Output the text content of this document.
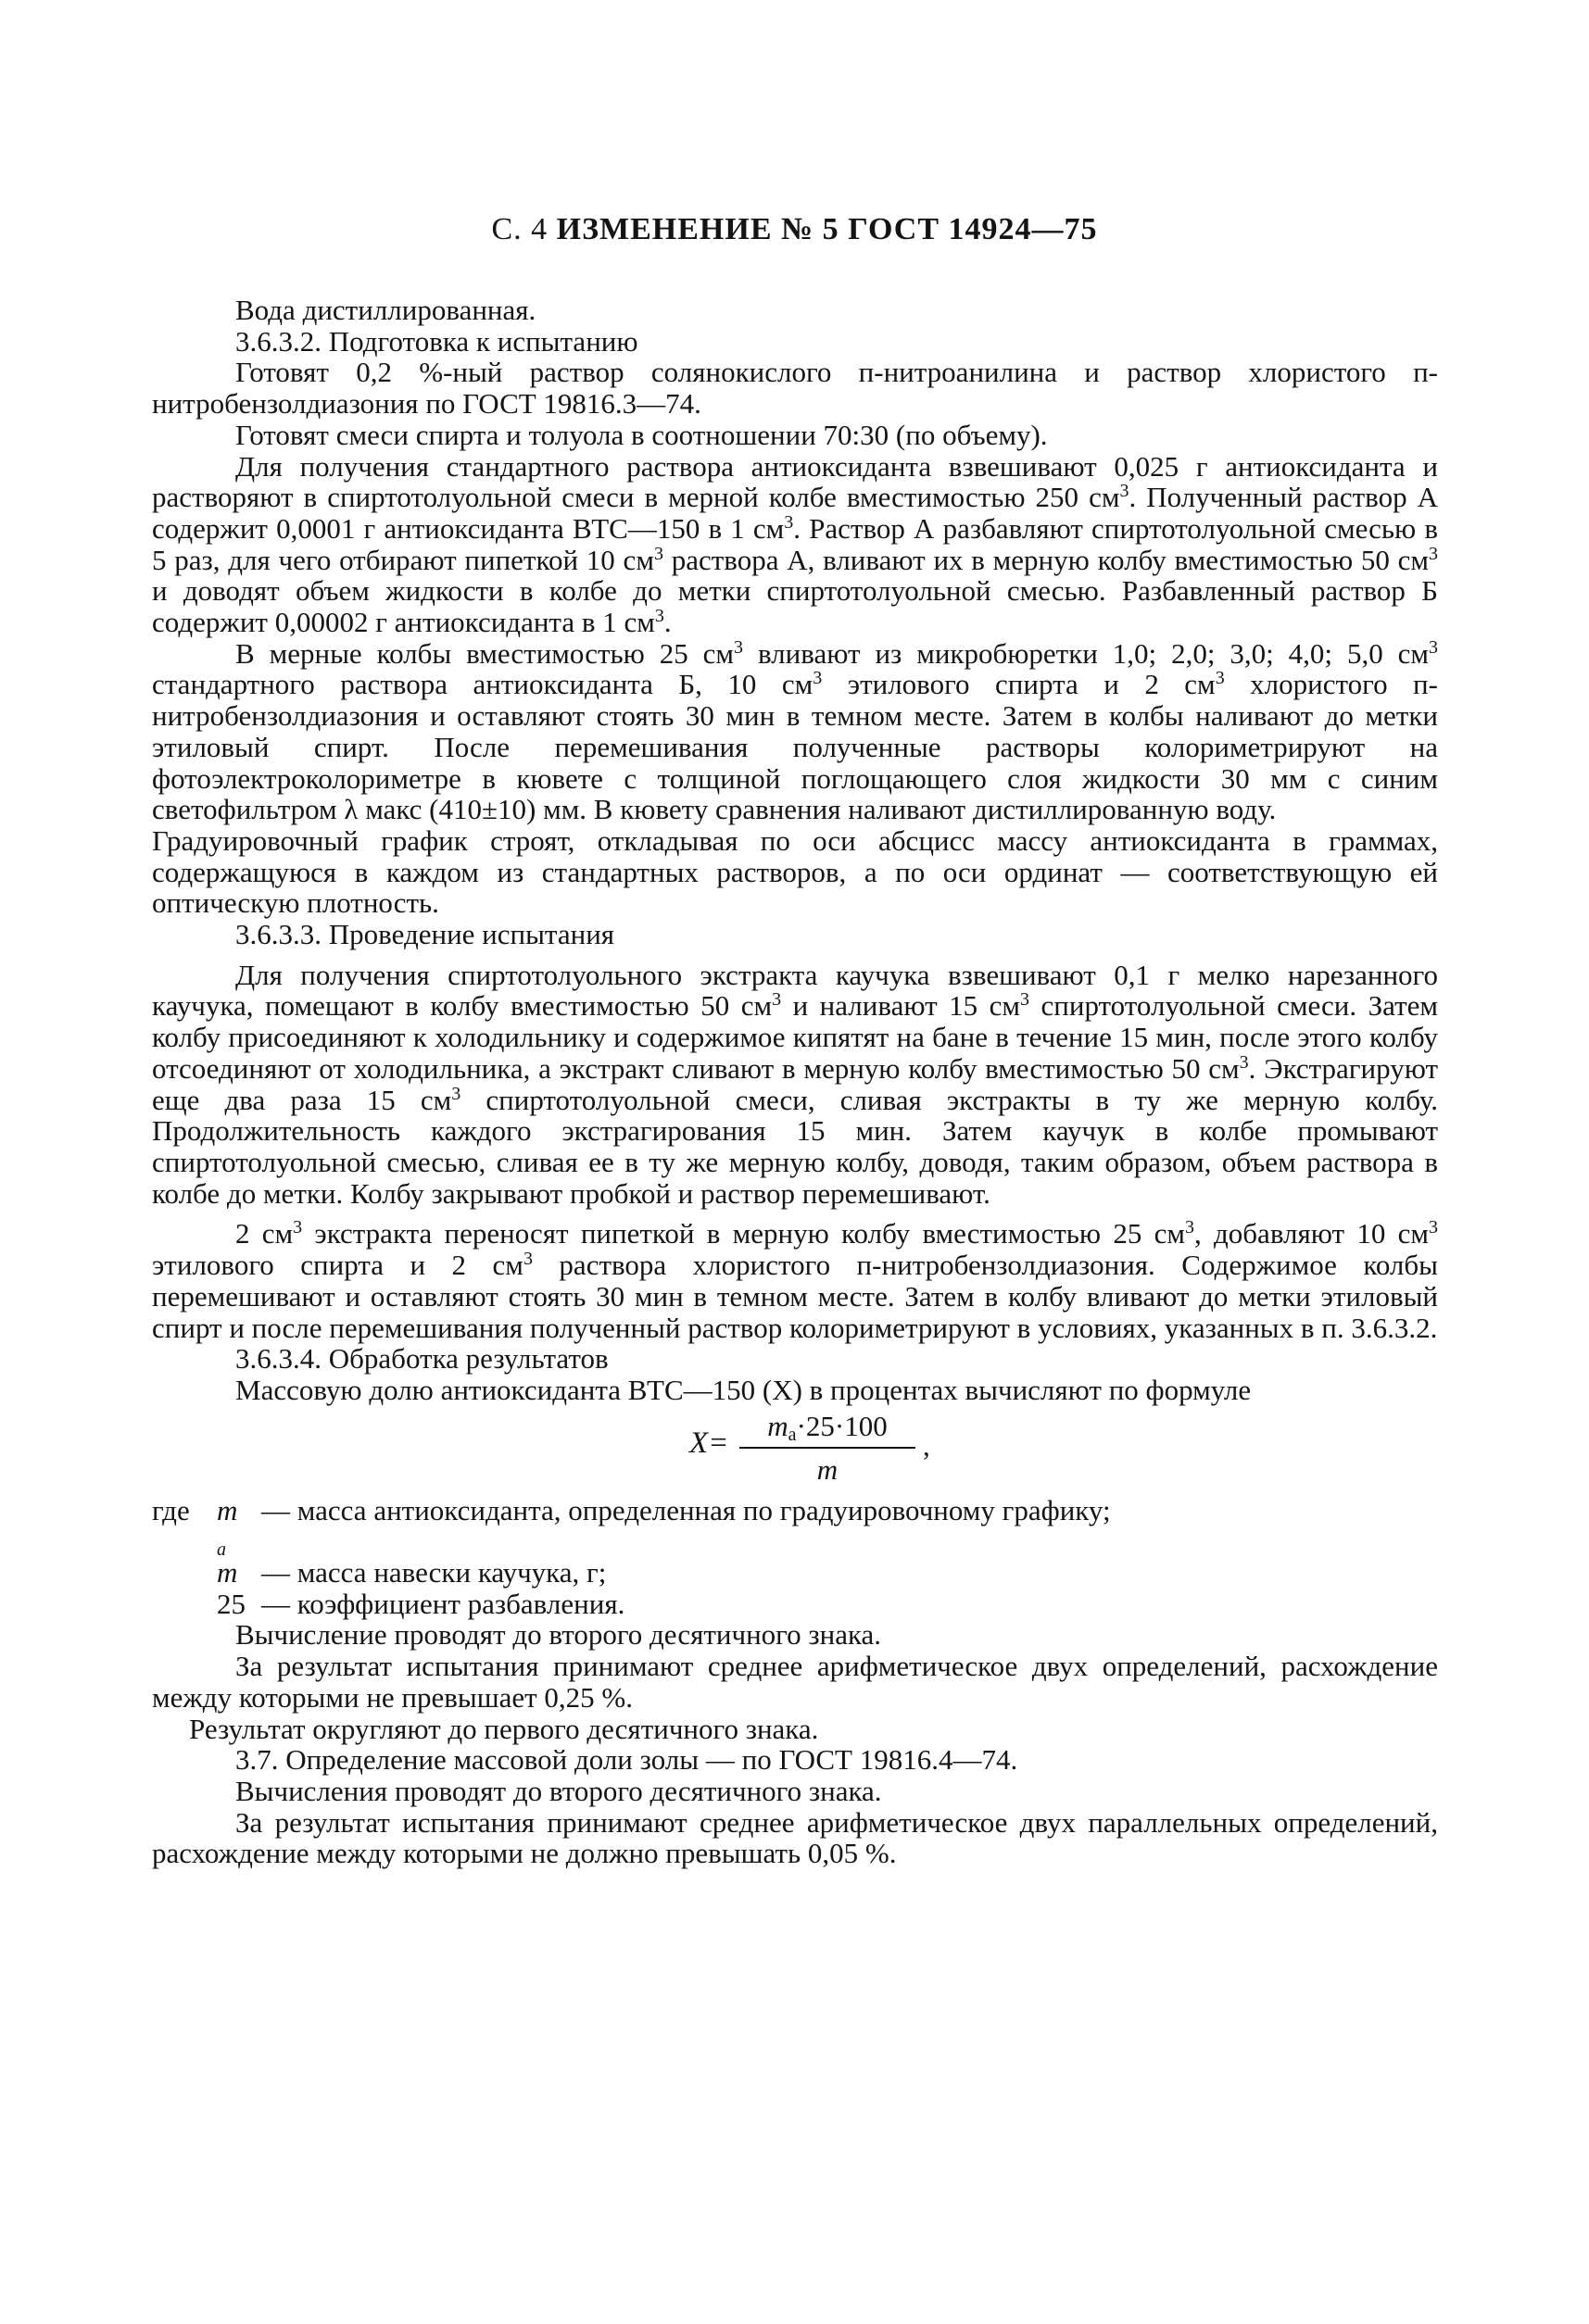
С. 4 ИЗМЕНЕНИЕ № 5 ГОСТ 14924—75

Вода дистиллированная.

3.6.3.2. Подготовка к испытанию

Готовят 0,2 %-ный раствор солянокислого п-нитроанилина и раствор хлористого п-нитробензолдиазония по ГОСТ 19816.3—74.

Готовят смеси спирта и толуола в соотношении 70:30 (по объему).

Для получения стандартного раствора антиоксиданта взвешивают 0,025 г антиоксиданта и растворяют в спиртотолуольной смеси в мерной колбе вместимостью 250 $см^3$. Полученный раствор А содержит 0,0001 г антиоксиданта ВТС—150 в 1 $см^3$. Раствор А разбавляют спиртотолуольной смесью в 5 раз, для чего отбирают пипеткой 10 $см^3$ раствора А, вливают их в мерную колбу вместимостью 50 $см^3$ и доводят объем жидкости в колбе до метки спиртотолуольной смесью. Разбавленный раствор Б содержит 0,00002 г антиоксиданта в 1 $см^3$.

В мерные колбы вместимостью 25 $см^3$ вливают из микробюретки 1,0; 2,0; 3,0; 4,0; 5,0 $см^3$ стандартного раствора антиоксиданта Б, 10 $см^3$ этилового спирта и 2 $см^3$ хлористого п-нитробензолдиазония и оставляют стоять 30 мин в темном месте. Затем в колбы наливают до метки этиловый спирт. После перемешивания полученные растворы колориметрируют на фотоэлектроколориметре в кювете с толщиной поглощающего слоя жидкости 30 мм с синим светофильтром λ макс (410±10) мм. В кювету сравнения наливают дистиллированную воду.

Градуировочный график строят, откладывая по оси абсцисс массу антиоксиданта в граммах, содержащуюся в каждом из стандартных растворов, а по оси ординат — соответствующую ей оптическую плотность.

3.6.3.3. Проведение испытания

Для получения спиртотолуольного экстракта каучука взвешивают 0,1 г мелко нарезанного каучука, помещают в колбу вместимостью 50 $см^3$ и наливают 15 $см^3$ спиртотолуольной смеси. Затем колбу присоединяют к холодильнику и содержимое кипятят на бане в течение 15 мин, после этого колбу отсоединяют от холодильника, а экстракт сливают в мерную колбу вместимостью 50 $см^3$. Экстрагируют еще два раза 15 $см^3$ спиртотолуольной смеси, сливая экстракты в ту же мерную колбу. Продолжительность каждого экстрагирования 15 мин. Затем каучук в колбе промывают спиртотолуольной смесью, сливая ее в ту же мерную колбу, доводя, таким образом, объем раствора в колбе до метки. Колбу закрывают пробкой и раствор перемешивают.

2 $см^3$ экстракта переносят пипеткой в мерную колбу вместимостью 25 $см^3$, добавляют 10 $см^3$ этилового спирта и 2 $см^3$ раствора хлористого п-нитробензолдиазония. Содержимое колбы перемешивают и оставляют стоять 30 мин в темном месте. Затем в колбу вливают до метки этиловый спирт и после перемешивания полученный раствор колориметрируют в условиях, указанных в п. 3.6.3.2.

3.6.3.4. Обработка результатов

Массовую долю антиоксиданта ВТС—150 (X) в процентах вычисляют по формуле

X=
$m_a\cdot 25\cdot 100$
m
,
где m
$_a$
— масса антиоксиданта, определенная по градуировочному графику;
m — масса навески каучука, г;
25 — коэффициент разбавления.

Вычисление проводят до второго десятичного знака.

За результат испытания принимают среднее арифметическое двух определений, расхождение между которыми не превышает 0,25 %.

Результат округляют до первого десятичного знака.

3.7. Определение массовой доли золы — по ГОСТ 19816.4—74.

Вычисления проводят до второго десятичного знака.

За результат испытания принимают среднее арифметическое двух параллельных определений, расхождение между которыми не должно превышать 0,05 %.
